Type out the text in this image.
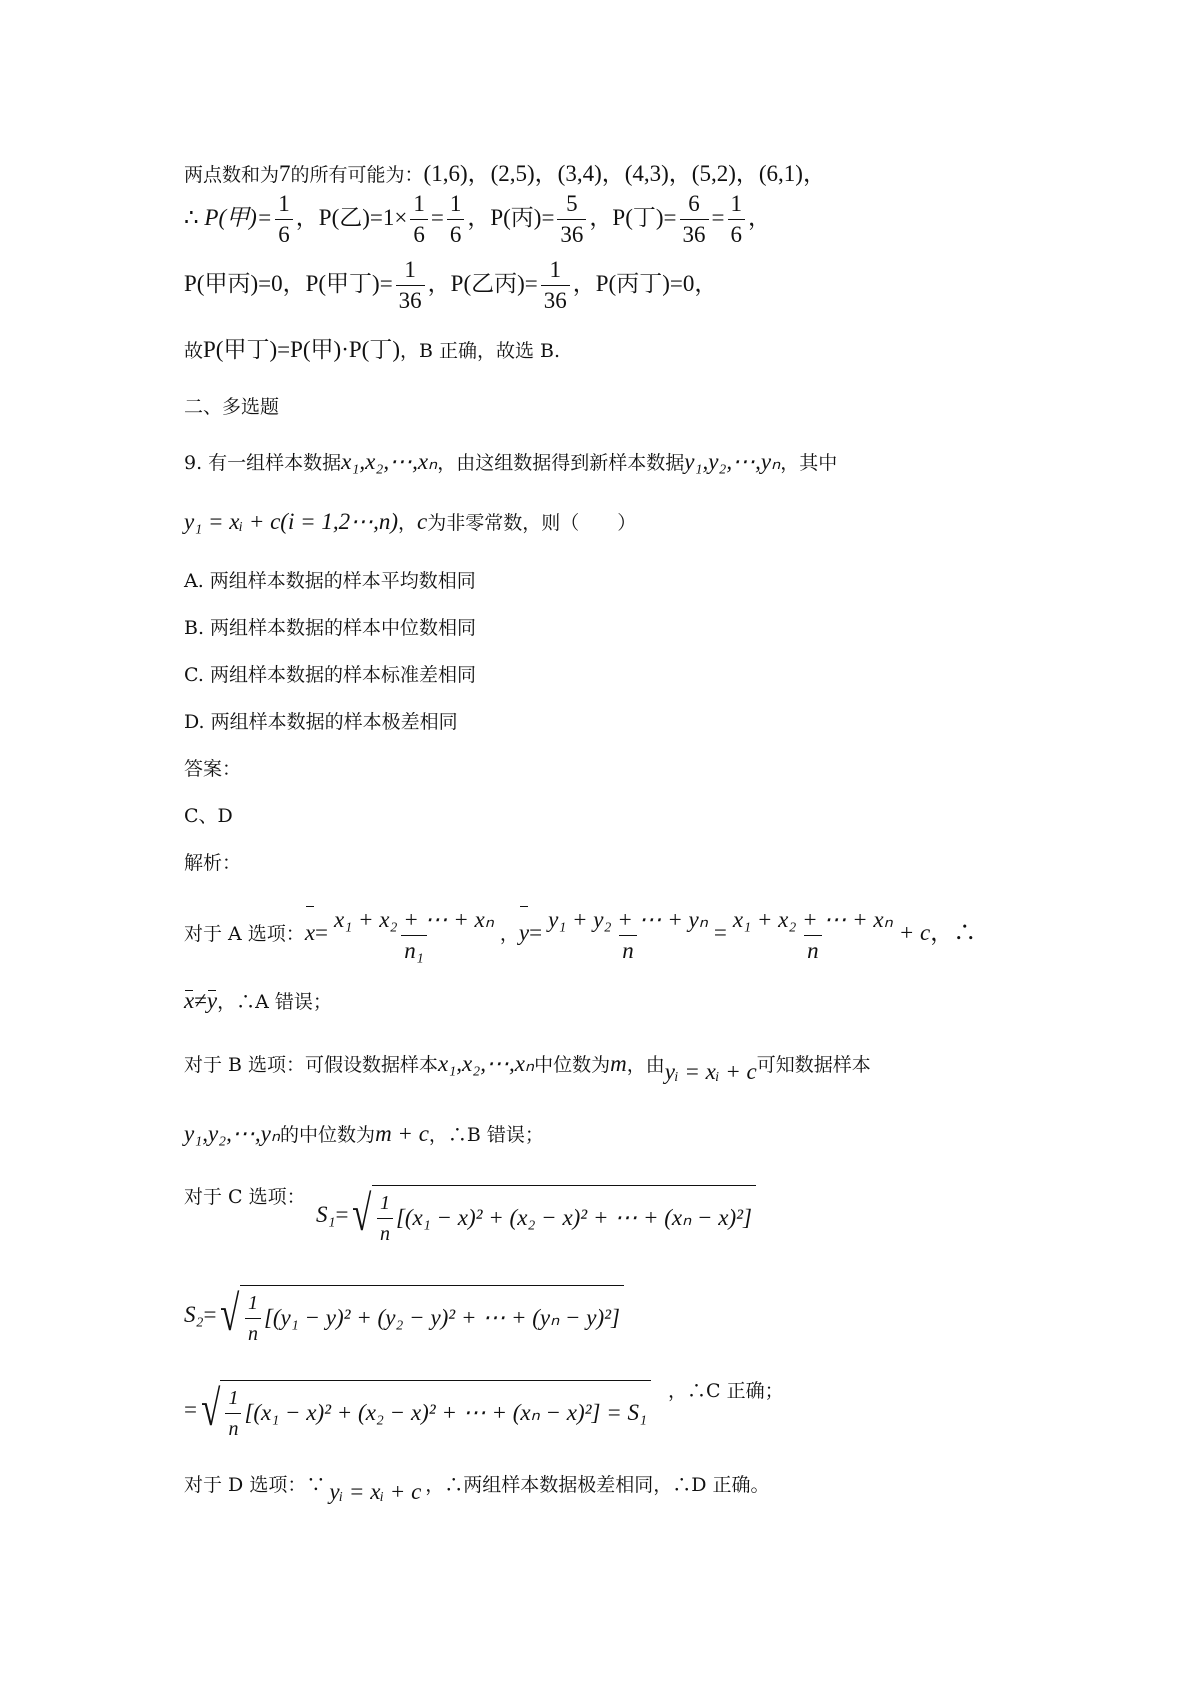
两点数和为7的所有可能为：(1,6)，(2,5)，(3,4)，(4,3)，(5,2)，(6,1)，
∴ P(甲)= $\frac{1}{6}$ ，P(乙)$=1\times \frac{1}{6} = \frac{1}{6}$ ，P(丙)= $\frac{5}{36}$ ，P(丁)= $\frac{6}{36} = \frac{1}{6}$ ，
P(甲丙)=0，P(甲丁)= $\frac{1}{36}$ ，P(乙丙)= $\frac{1}{36}$ ，P(丙丁)=0，
故P(甲丁)=P(甲)·P(丁)，B 正确，故选 B.
二、多选题
9. 有一组样本数据x₁,x₂,⋯,xₙ，由这组数据得到新样本数据y₁,y₂,⋯,yₙ，其中
y₁ = xᵢ + c(i = 1,2⋯,n)，c为非零常数，则（　　）
A. 两组样本数据的样本平均数相同
B. 两组样本数据的样本中位数相同
C. 两组样本数据的样本标准差相同
D. 两组样本数据的样本极差相同
答案：
C、D
解析：
对于 A 选项：$x= \frac{\text{x₁ + x₂ + ⋯ + xₙ}}{\text{n₁}}$ ，$y= \frac{\text{y₁ + y₂ + ⋯ + yₙ}}{n} = \frac{\text{x₁ + x₂ + ⋯ + xₙ}}{n} + c$，∴
x≠y，∴A 错误；
对于 B 选项：可假设数据样本x₁,x₂,⋯,xₙ中位数为m，由yᵢ = xᵢ + c可知数据样本
y₁,y₂,⋯,yₙ的中位数为m + c，∴B 错误；
对于 C 选项：
S₁= √ $\frac{1}{n} [(x_1 - x)^2 + (x_2 - x)^2$ + ⋯ + (xₙ − x)²]
S₂= √ $\frac{1}{n} [(y_1 - y)^2 + (y_2 - y)^2$ + ⋯ + (yₙ − y)²]
= √ $\frac{1}{n} [(x_1 - x)^2 + (x_2 - x)^2$ + ⋯ + (xₙ − x)²] = S₁
，∴C 正确；
对于 D 选项：∵ yᵢ = xᵢ + c ，∴两组样本数据极差相同，∴D 正确。
